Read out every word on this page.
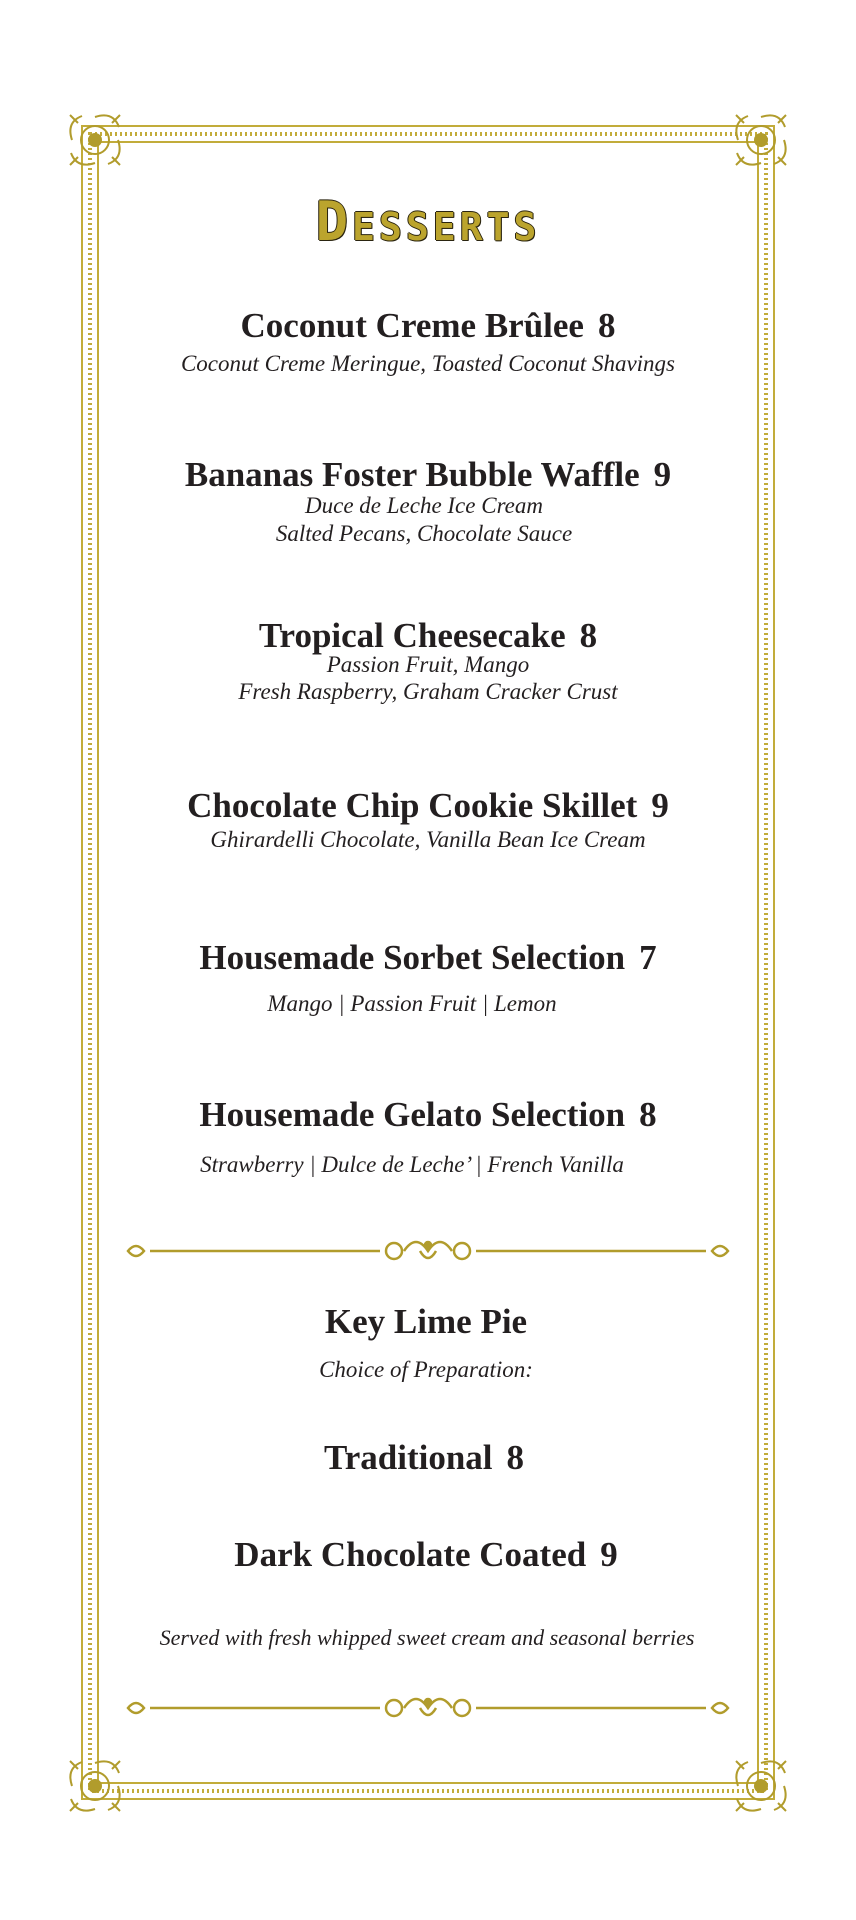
Desserts
Coconut Creme Brûlee 8
Coconut Creme Meringue, Toasted Coconut Shavings
Bananas Foster Bubble Waffle 9
Duce de Leche Ice Cream
Salted Pecans, Chocolate Sauce
Tropical Cheesecake 8
Passion Fruit, Mango
Fresh Raspberry, Graham Cracker Crust
Chocolate Chip Cookie Skillet 9
Ghirardelli Chocolate, Vanilla Bean Ice Cream
Housemade Sorbet Selection 7
Mango | Passion Fruit | Lemon
Housemade Gelato Selection 8
Strawberry | Dulce de Leche’ | French Vanilla
Key Lime Pie
Choice of Preparation:
Traditional 8
Dark Chocolate Coated 9
Served with fresh whipped sweet cream and seasonal berries
